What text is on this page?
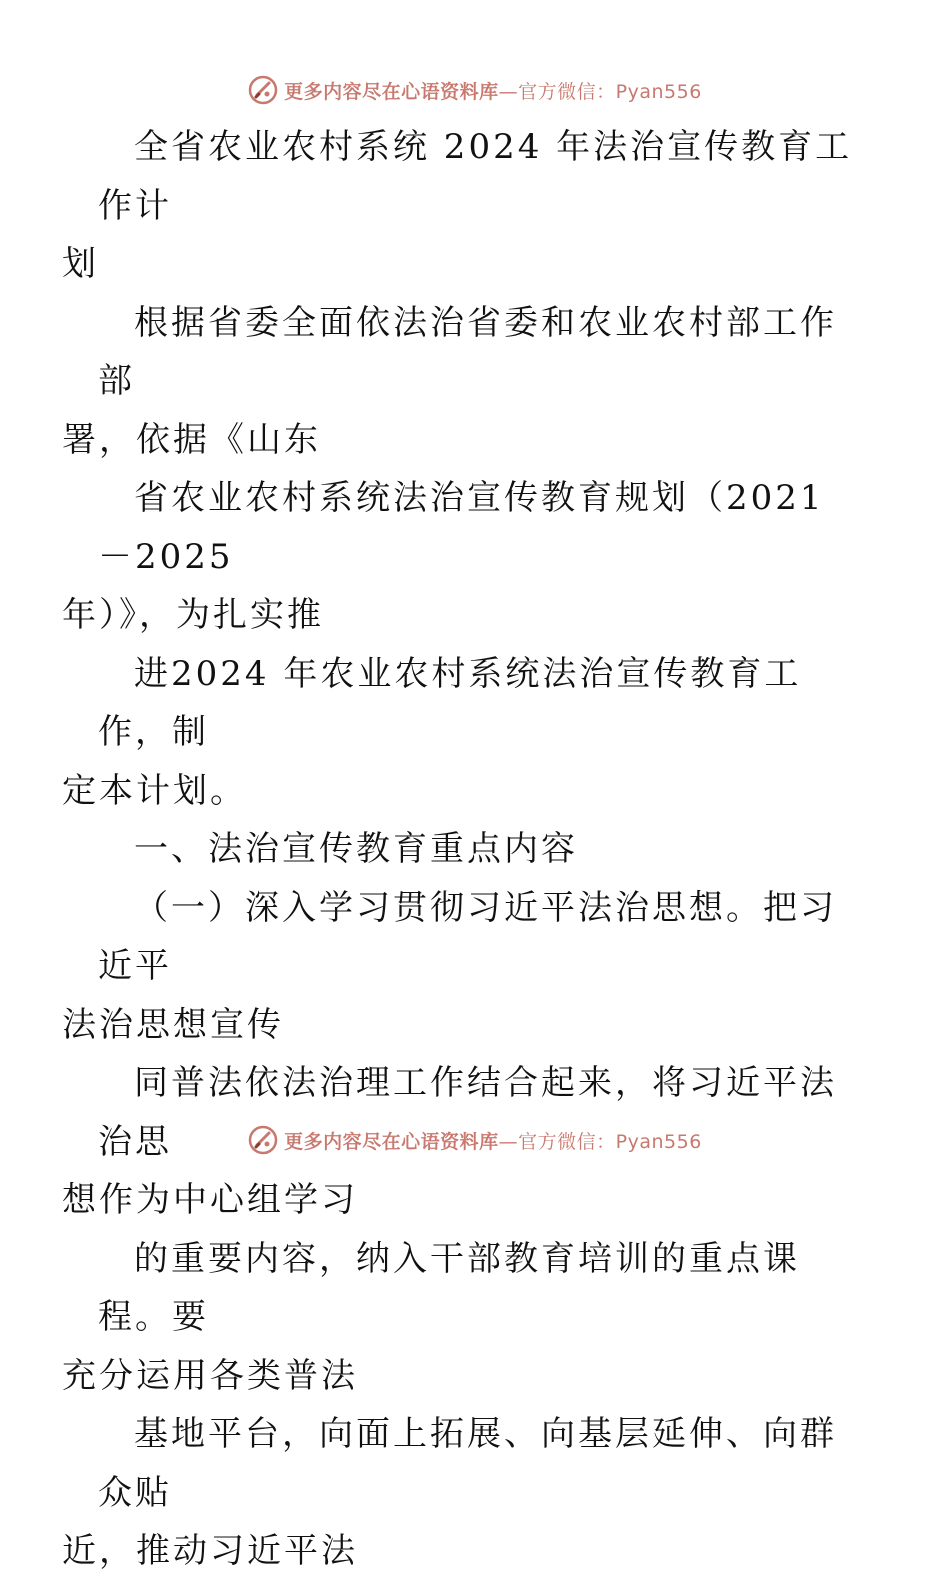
更多内容尽在心语资料库—官方微信：Pyan556
全省农业农村系统 2024 年法治宣传教育工作计
划
根据省委全面依法治省委和农业农村部工作部
署，依据《山东
省农业农村系统法治宣传教育规划（2021－2025
年）》，为扎实推
进2024 年农业农村系统法治宣传教育工作，制
定本计划。
一、法治宣传教育重点内容
（一）深入学习贯彻习近平法治思想。把习近平
法治思想宣传
同普法依法治理工作结合起来，将习近平法治思
想作为中心组学习
的重要内容，纳入干部教育培训的重点课程。要
充分运用各类普法
基地平台，向面上拓展、向基层延伸、向群众贴
近，推动习近平法
更多内容尽在心语资料库—官方微信：Pyan556
